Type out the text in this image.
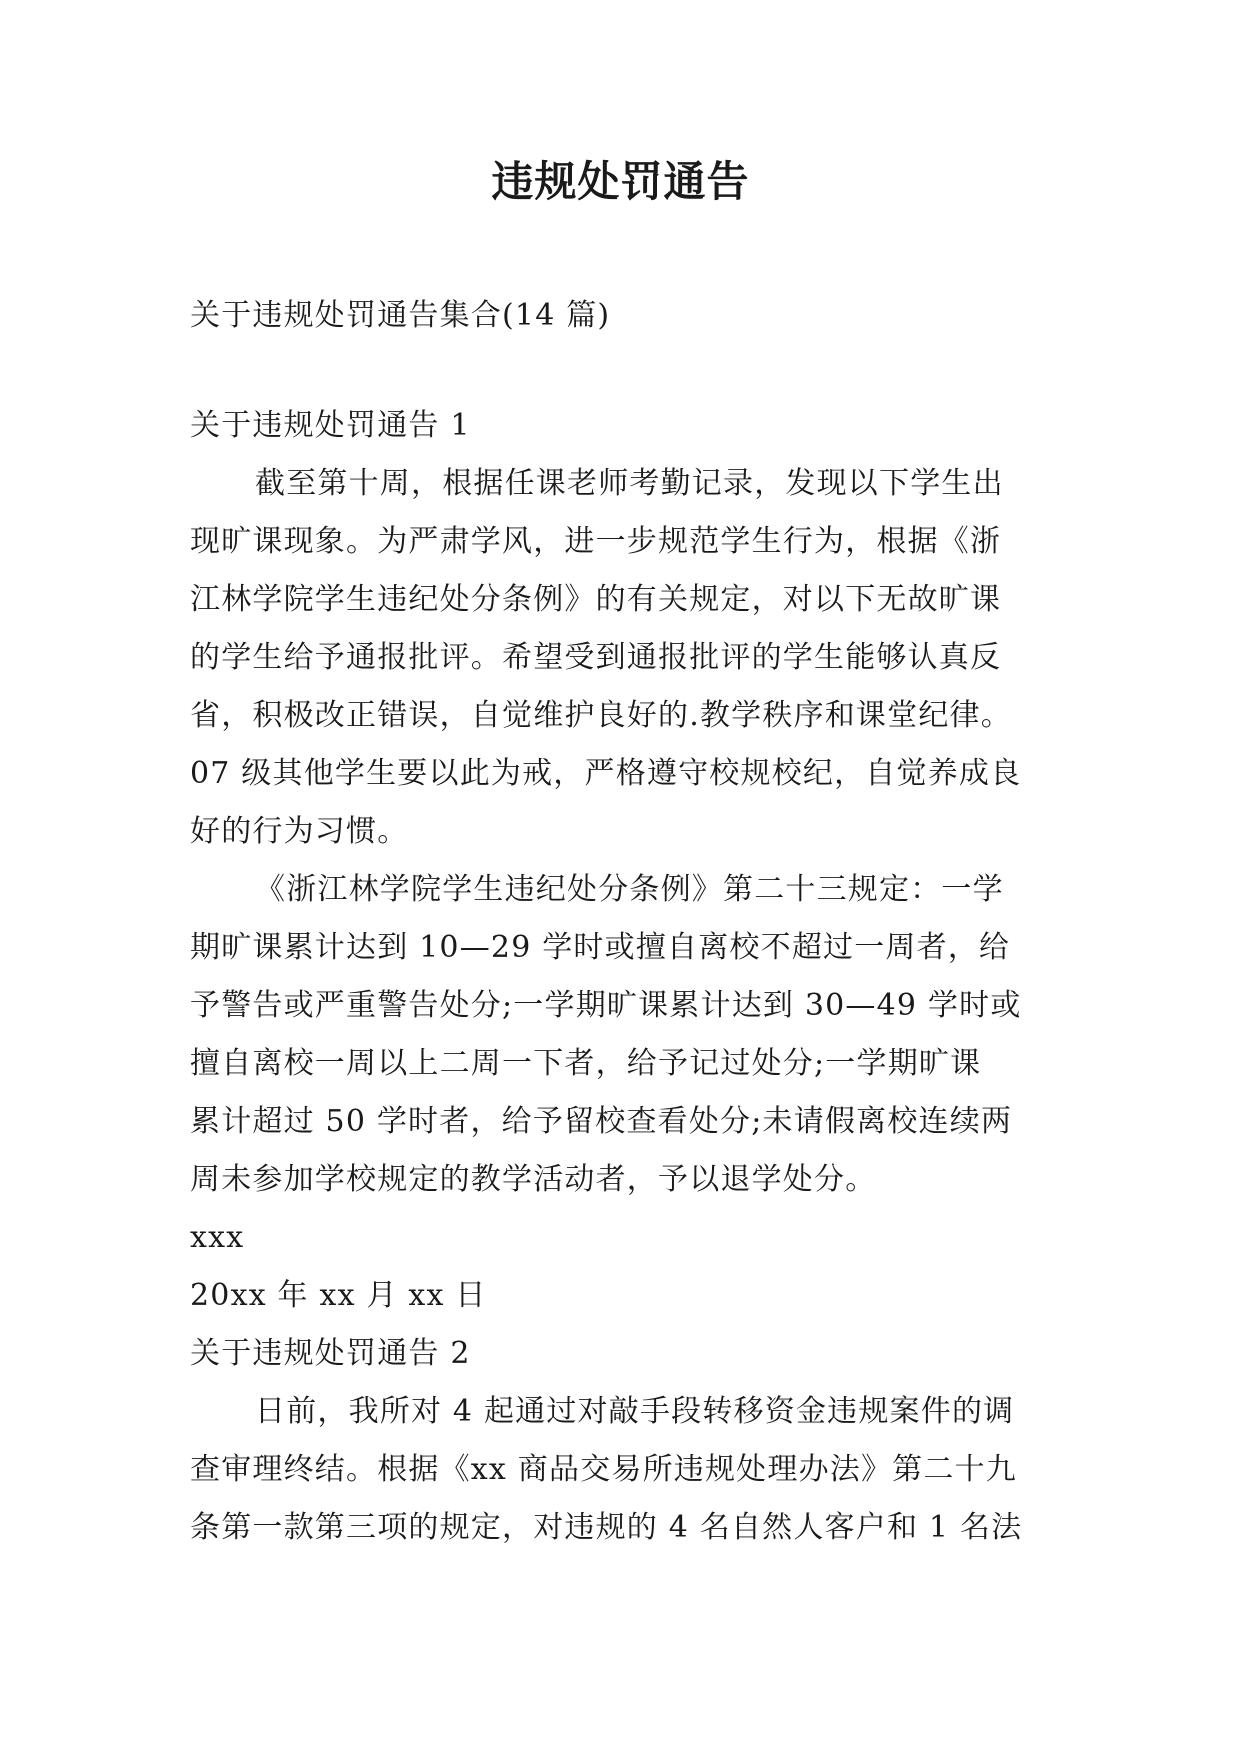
违规处罚通告
关于违规处罚通告集合(14 篇)
关于违规处罚通告 1
截至第十周，根据任课老师考勤记录，发现以下学生出
现旷课现象。为严肃学风，进一步规范学生行为，根据《浙
江林学院学生违纪处分条例》的有关规定，对以下无故旷课
的学生给予通报批评。希望受到通报批评的学生能够认真反
省，积极改正错误，自觉维护良好的.教学秩序和课堂纪律。
07 级其他学生要以此为戒，严格遵守校规校纪，自觉养成良
好的行为习惯。
《浙江林学院学生违纪处分条例》第二十三规定：一学
期旷课累计达到 10—29 学时或擅自离校不超过一周者，给
予警告或严重警告处分;一学期旷课累计达到 30—49 学时或
擅自离校一周以上二周一下者，给予记过处分;一学期旷课
累计超过 50 学时者，给予留校查看处分;未请假离校连续两
周未参加学校规定的教学活动者，予以退学处分。
xxx
20xx 年 xx 月 xx 日
关于违规处罚通告 2
日前，我所对 4 起通过对敲手段转移资金违规案件的调
查审理终结。根据《xx 商品交易所违规处理办法》第二十九
条第一款第三项的规定，对违规的 4 名自然人客户和 1 名法
